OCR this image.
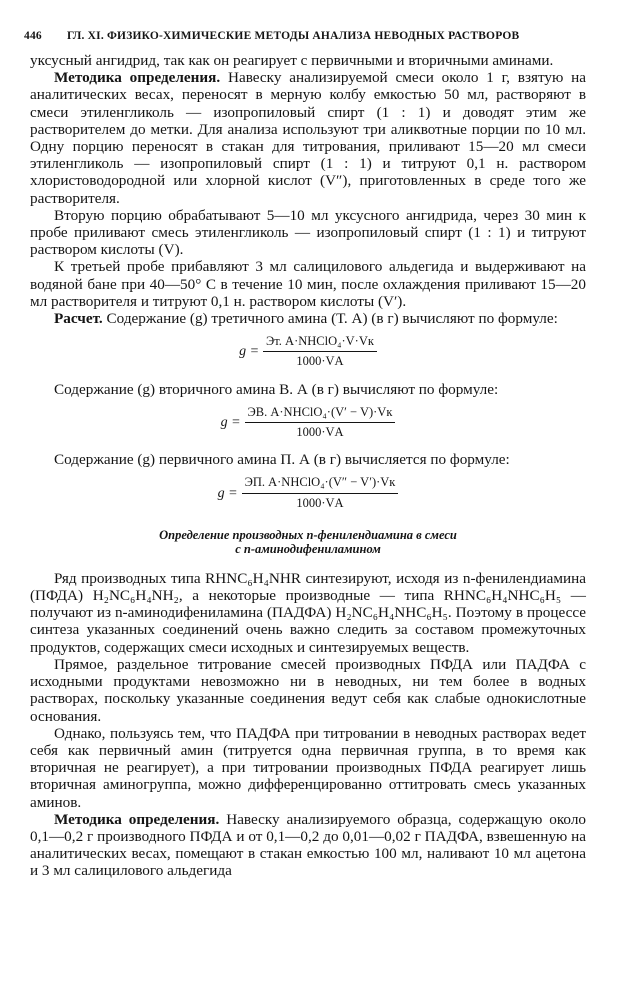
446 ГЛ. XI. ФИЗИКО-ХИМИЧЕСКИЕ МЕТОДЫ АНАЛИЗА НЕВОДНЫХ РАСТВОРОВ

уксусный ангидрид, так как он реагирует с первичными и вторичными аминами.

Методика определения. Навеску анализируемой смеси около 1 г, взятую на аналитических весах, переносят в мерную колбу емкостью 50 мл, растворяют в смеси этиленгликоль — изопропиловый спирт (1 : 1) и доводят этим же растворителем до метки. Для анализа используют три аликвотные порции по 10 мл. Одну порцию переносят в стакан для титрования, приливают 15—20 мл смеси этиленгликоль — изопропиловый спирт (1 : 1) и титруют 0,1 н. раствором хлористоводородной или хлорной кислот (V″), приготовленных в среде того же растворителя.

Вторую порцию обрабатывают 5—10 мл уксусного ангидрида, через 30 мин к пробе приливают смесь этиленгликоль — изопропиловый спирт (1 : 1) и титруют раствором кислоты (V).

К третьей пробе прибавляют 3 мл салицилового альдегида и выдерживают на водяной бане при 40—50° С в течение 10 мин, после охлаждения приливают 15—20 мл растворителя и титруют 0,1 н. раствором кислоты (V′).

Расчет. Содержание (g) третичного амина (Т. А) (в г) вычисляют по формуле:

$g = \frac{\text{Эт. А·NHClO₄·V·Vк}}{1000\cdot VА}$

Содержание (g) вторичного амина В. А (в г) вычисляют по формуле:

$g = \frac{\text{ЭВ. А·NHClO₄·(V′ − V)·Vк}}{1000\cdot VА}$

Содержание (g) первичного амина П. А (в г) вычисляется по формуле:

$g = \frac{\text{ЭП. А·NHClO₄·(V″ − V′)·Vк}}{1000\cdot VА}$
Определение производных n-фенилендиамина в смеси
с n-аминодифениламином

Ряд производных типа RHNC₆H₄NHR синтезируют, исходя из n-фенилендиамина (ПФДА) H₂NC₆H₄NH₂, а некоторые производные — типа RHNC₆H₄NHC₆H₅ — получают из n-аминодифениламина (ПАДФА) H₂NC₆H₄NHC₆H₅. Поэтому в процессе синтеза указанных соединений очень важно следить за составом промежуточных продуктов, содержащих смеси исходных и синтезируемых веществ.

Прямое, раздельное титрование смесей производных ПФДА или ПАДФА с исходными продуктами невозможно ни в неводных, ни тем более в водных растворах, поскольку указанные соединения ведут себя как слабые однокислотные основания.

Однако, пользуясь тем, что ПАДФА при титровании в неводных растворах ведет себя как первичный амин (титруется одна первичная группа, в то время как вторичная не реагирует), а при титровании производных ПФДА реагирует лишь вторичная аминогруппа, можно дифференцированно оттитровать смесь указанных аминов.

Методика определения. Навеску анализируемого образца, содержащую около 0,1—0,2 г производного ПФДА и от 0,1—0,2 до 0,01—0,02 г ПАДФА, взвешенную на аналитических весах, помещают в стакан емкостью 100 мл, наливают 10 мл ацетона и 3 мл салицилового альдегида
